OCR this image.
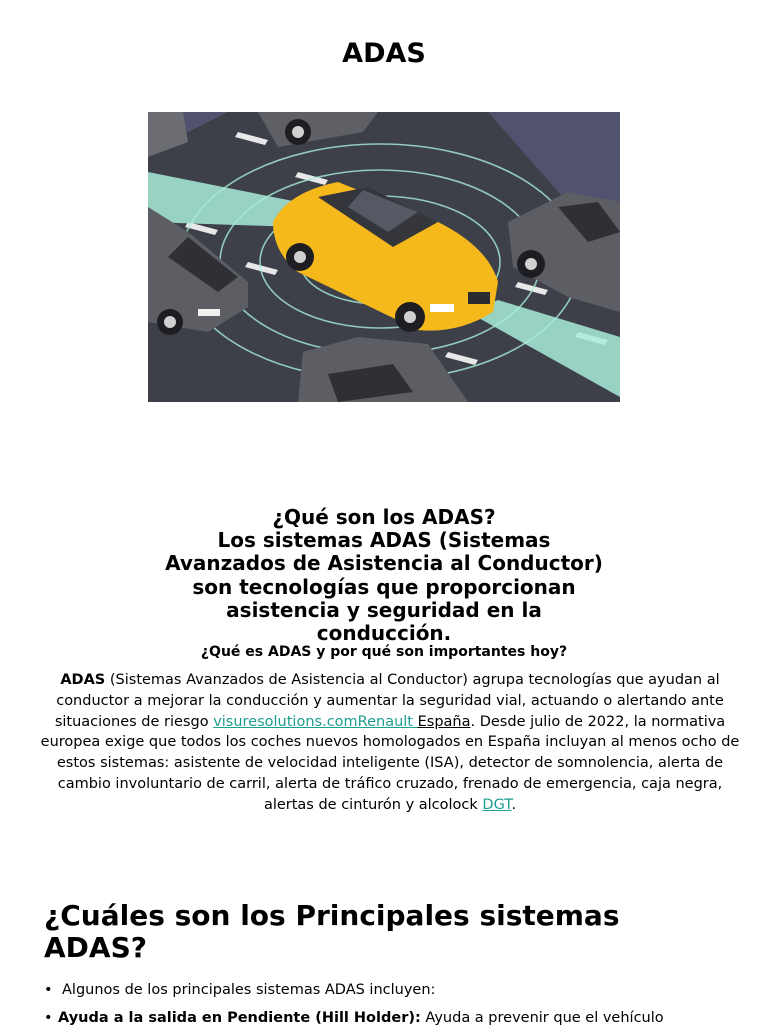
ADAS
¿Qué son los ADAS?
Los sistemas ADAS (Sistemas
Avanzados de Asistencia al Conductor)
son tecnologías que proporcionan
asistencia y seguridad en la
conducción.
¿Qué es ADAS y por qué son importantes hoy?

ADAS (Sistemas Avanzados de Asistencia al Conductor) agrupa tecnologías que ayudan al conductor a mejorar la conducción y aumentar la seguridad vial, actuando o alertando ante situaciones de riesgo visuresolutions.comRenault España. Desde julio de 2022, la normativa europea exige que todos los coches nuevos homologados en España incluyan al menos ocho de estos sistemas: asistente de velocidad inteligente (ISA), detector de somnolencia, alerta de cambio involuntario de carril, alerta de tráfico cruzado, frenado de emergencia, caja negra, alertas de cinturón y alcolock DGT.

¿Cuáles son los Principales sistemas ADAS?
• Algunos de los principales sistemas ADAS incluyen:
• Ayuda a la salida en Pendiente (Hill Holder): Ayuda a prevenir que el vehículo
